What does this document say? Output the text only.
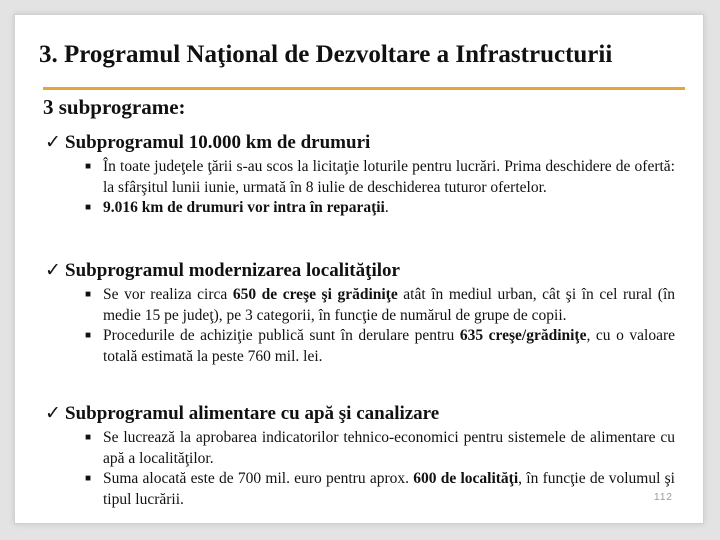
3. Programul Naţional de Dezvoltare a Infrastructurii
3 subprograme:
✓ Subprogramul 10.000 km de drumuri
■ În toate judeţele ţării s-au scos la licitaţie loturile pentru lucrări. Prima deschidere de ofertă: la sfârşitul lunii iunie, urmată în 8 iulie de deschiderea tuturor ofertelor.
■ 9.016 km de drumuri vor intra în reparaţii.
✓ Subprogramul modernizarea localităţilor
■ Se vor realiza circa 650 de creşe şi grădiniţe atât în mediul urban, cât şi în cel rural (în medie 15 pe judeţ), pe 3 categorii, în funcţie de numărul de grupe de copii.
■ Procedurile de achiziţie publică sunt în derulare pentru 635 creşe/grădiniţe, cu o valoare totală estimată la peste 760 mil. lei.
✓ Subprogramul alimentare cu apă şi canalizare
■ Se lucrează la aprobarea indicatorilor tehnico-economici pentru sistemele de alimentare cu apă a localităţilor.
■ Suma alocată este de 700 mil. euro pentru aprox. 600 de localităţi, în funcţie de volumul şi tipul lucrării.	112
